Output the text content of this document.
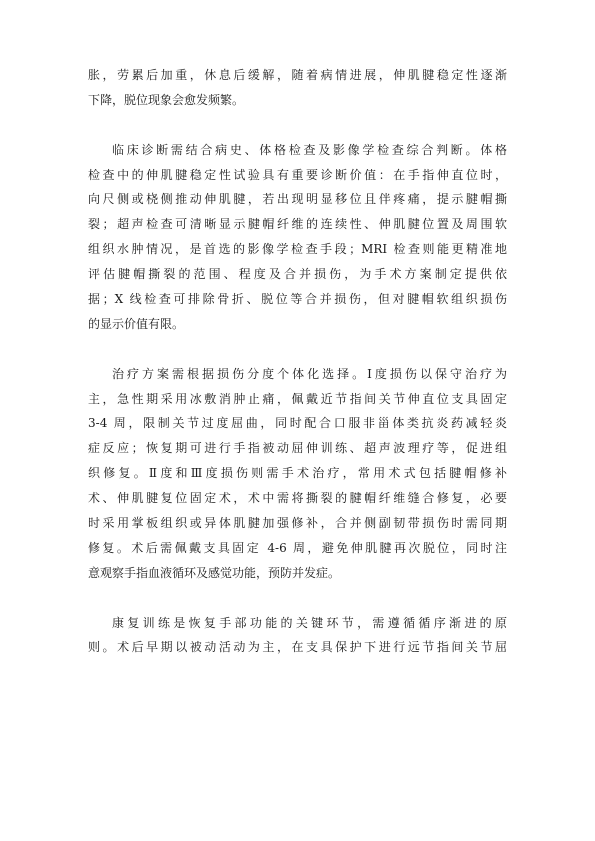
胀，劳累后加重，休息后缓解，随着病情进展，伸肌腱稳定性逐渐
下降，脱位现象会愈发频繁。
临床诊断需结合病史、体格检查及影像学检查综合判断。体格
检查中的伸肌腱稳定性试验具有重要诊断价值：在手指伸直位时，
向尺侧或桡侧推动伸肌腱，若出现明显移位且伴疼痛，提示腱帽撕
裂；超声检查可清晰显示腱帽纤维的连续性、伸肌腱位置及周围软
组织水肿情况，是首选的影像学检查手段；MRI 检查则能更精准地
评估腱帽撕裂的范围、程度及合并损伤，为手术方案制定提供依
据；X 线检查可排除骨折、脱位等合并损伤，但对腱帽软组织损伤
的显示价值有限。
治疗方案需根据损伤分度个体化选择。Ⅰ度损伤以保守治疗为
主，急性期采用冰敷消肿止痛，佩戴近节指间关节伸直位支具固定
3-4 周，限制关节过度屈曲，同时配合口服非甾体类抗炎药减轻炎
症反应；恢复期可进行手指被动屈伸训练、超声波理疗等，促进组
织修复。Ⅱ度和Ⅲ度损伤则需手术治疗，常用术式包括腱帽修补
术、伸肌腱复位固定术，术中需将撕裂的腱帽纤维缝合修复，必要
时采用掌板组织或异体肌腱加强修补，合并侧副韧带损伤时需同期
修复。术后需佩戴支具固定 4-6 周，避免伸肌腱再次脱位，同时注
意观察手指血液循环及感觉功能，预防并发症。
康复训练是恢复手部功能的关键环节，需遵循循序渐进的原
则。术后早期以被动活动为主，在支具保护下进行远节指间关节屈
